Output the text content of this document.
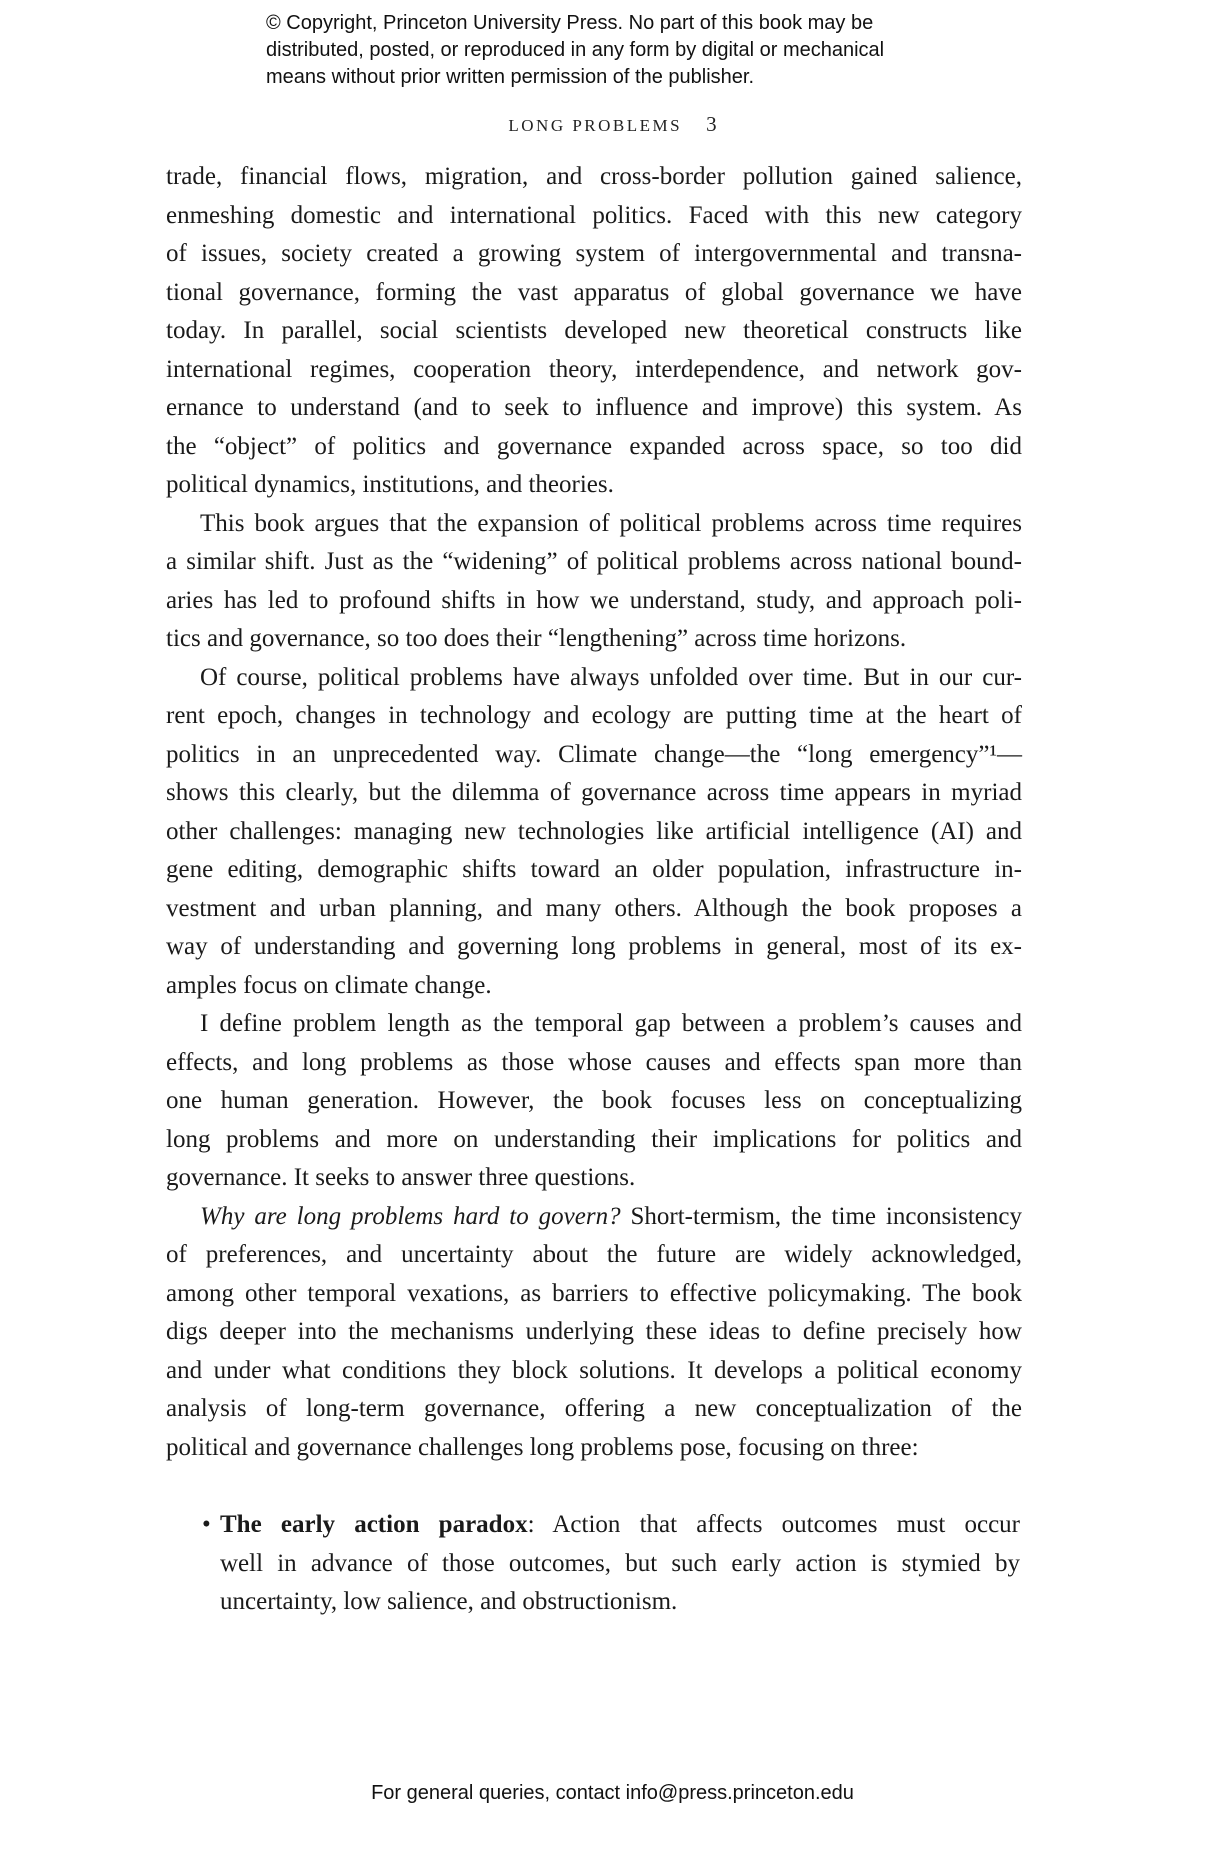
© Copyright, Princeton University Press. No part of this book may be
distributed, posted, or reproduced in any form by digital or mechanical
means without prior written permission of the publisher.
LONG PROBLEMS 3
trade, financial flows, migration, and cross-border pollution gained salience,
enmeshing domestic and international politics. Faced with this new category
of issues, society created a growing system of intergovernmental and transna-
tional governance, forming the vast apparatus of global governance we have
today. In parallel, social scientists developed new theoretical constructs like
international regimes, cooperation theory, interdependence, and network gov-
ernance to understand (and to seek to influence and improve) this system. As
the “object” of politics and governance expanded across space, so too did
political dynamics, institutions, and theories.
This book argues that the expansion of political problems across time requires
a similar shift. Just as the “widening” of political problems across national bound-
aries has led to profound shifts in how we understand, study, and approach poli-
tics and governance, so too does their “lengthening” across time horizons.
Of course, political problems have always unfolded over time. But in our cur-
rent epoch, changes in technology and ecology are putting time at the heart of
politics in an unprecedented way. Climate change—the “long emergency”¹—
shows this clearly, but the dilemma of governance across time appears in myriad
other challenges: managing new technologies like artificial intelligence (AI) and
gene editing, demographic shifts toward an older population, infrastructure in-
vestment and urban planning, and many others. Although the book proposes a
way of understanding and governing long problems in general, most of its ex-
amples focus on climate change.
I define problem length as the temporal gap between a problem’s causes and
effects, and long problems as those whose causes and effects span more than
one human generation. However, the book focuses less on conceptualizing
long problems and more on understanding their implications for politics and
governance. It seeks to answer three questions.
Why are long problems hard to govern? Short-termism, the time inconsistency
of preferences, and uncertainty about the future are widely acknowledged,
among other temporal vexations, as barriers to effective policymaking. The book
digs deeper into the mechanisms underlying these ideas to define precisely how
and under what conditions they block solutions. It develops a political economy
analysis of long-term governance, offering a new conceptualization of the
political and governance challenges long problems pose, focusing on three:
• The early action paradox: Action that affects outcomes must occur
well in advance of those outcomes, but such early action is stymied by
uncertainty, low salience, and obstructionism.
For general queries, contact info@press.princeton.edu
